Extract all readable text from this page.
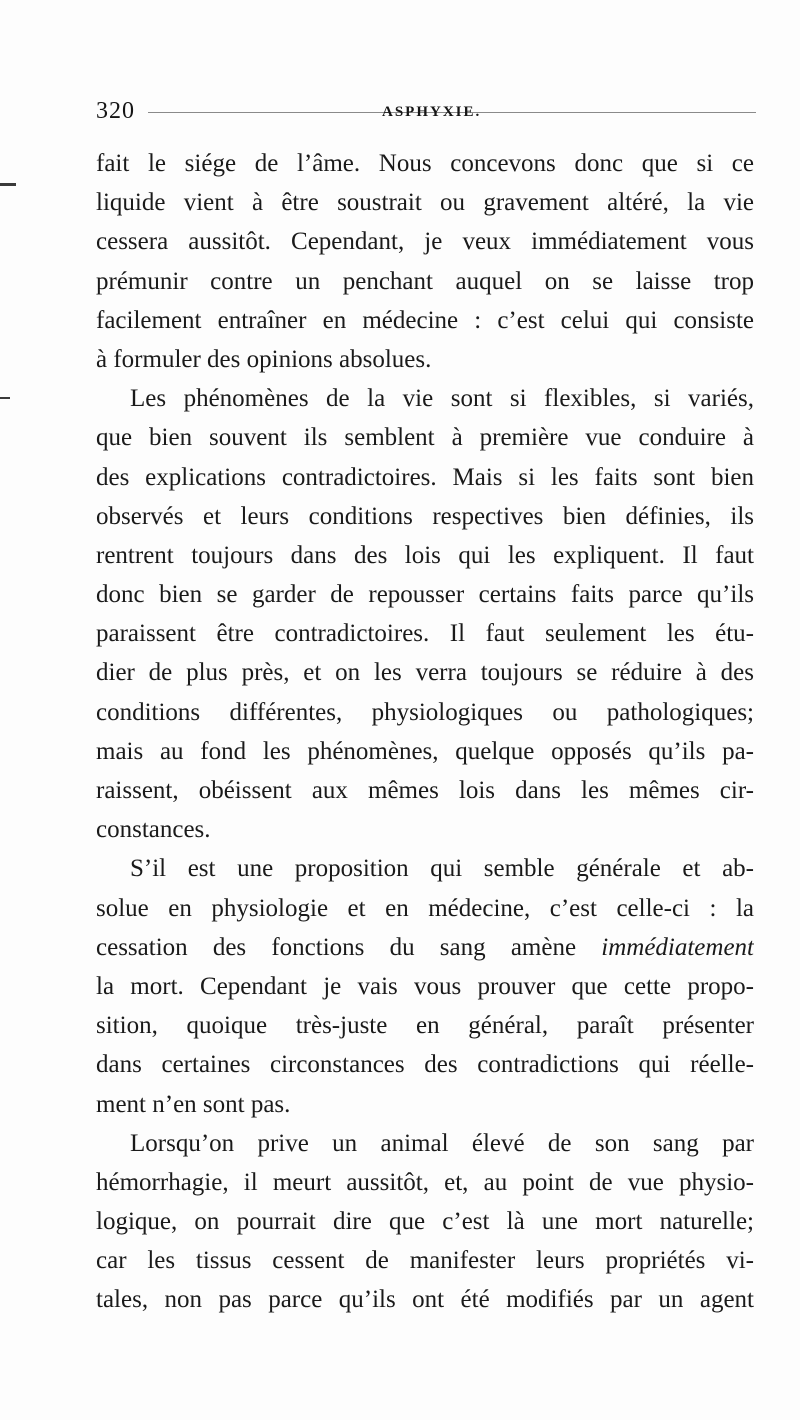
320	ASPHYXIE.
fait le siége de l’âme. Nous concevons donc que si ce
liquide vient à être soustrait ou gravement altéré, la vie
cessera aussitôt. Cependant, je veux immédiatement vous
prémunir contre un penchant auquel on se laisse trop
facilement entraîner en médecine : c’est celui qui consiste
à formuler des opinions absolues.
Les phénomènes de la vie sont si flexibles, si variés,
que bien souvent ils semblent à première vue conduire à
des explications contradictoires. Mais si les faits sont bien
observés et leurs conditions respectives bien définies, ils
rentrent toujours dans des lois qui les expliquent. Il faut
donc bien se garder de repousser certains faits parce qu’ils
paraissent être contradictoires. Il faut seulement les étu-
dier de plus près, et on les verra toujours se réduire à des
conditions différentes, physiologiques ou pathologiques;
mais au fond les phénomènes, quelque opposés qu’ils pa-
raissent, obéissent aux mêmes lois dans les mêmes cir-
constances.
S’il est une proposition qui semble générale et ab-
solue en physiologie et en médecine, c’est celle-ci : la
cessation des fonctions du sang amène immédiatement
la mort. Cependant je vais vous prouver que cette propo-
sition, quoique très-juste en général, paraît présenter
dans certaines circonstances des contradictions qui réelle-
ment n’en sont pas.
Lorsqu’on prive un animal élevé de son sang par
hémorrhagie, il meurt aussitôt, et, au point de vue physio-
logique, on pourrait dire que c’est là une mort naturelle;
car les tissus cessent de manifester leurs propriétés vi-
tales, non pas parce qu’ils ont été modifiés par un agent
